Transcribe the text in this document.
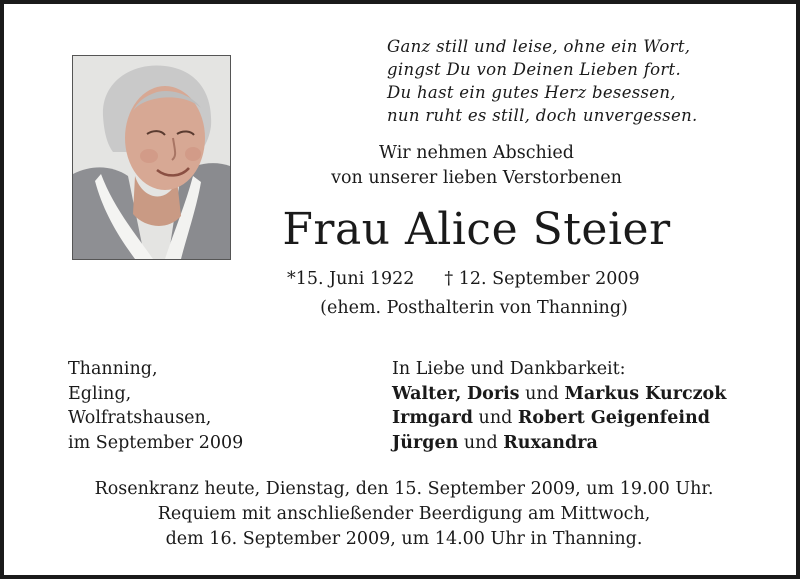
Ganz still und leise, ohne ein Wort,
gingst Du von Deinen Lieben fort.
Du hast ein gutes Herz besessen,
nun ruht es still, doch unvergessen.
Wir nehmen Abschied
von unserer lieben Verstorbenen
Frau Alice Steier
*15. Juni 1922 † 12. September 2009
(ehem. Posthalterin von Thanning)
Thanning,
Egling,
Wolfratshausen,
im September 2009
In Liebe und Dankbarkeit:
Walter, Doris und Markus Kurczok
Irmgard und Robert Geigenfeind
Jürgen und Ruxandra
Rosenkranz heute, Dienstag, den 15. September 2009, um 19.00 Uhr.
Requiem mit anschließender Beerdigung am Mittwoch,
dem 16. September 2009, um 14.00 Uhr in Thanning.
